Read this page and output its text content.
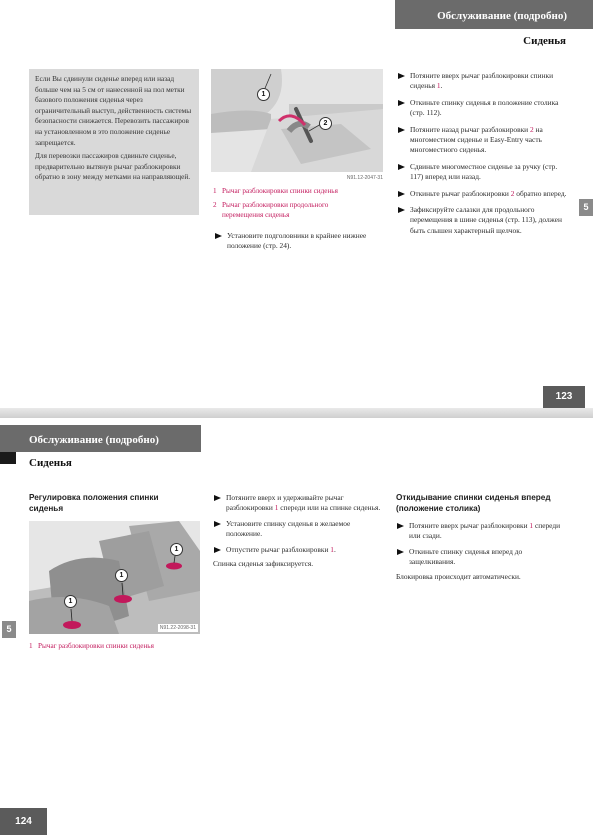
Обслуживание (подробно)
Сиденья

Если Вы сдвинули сиденье вперед или назад больше чем на 5 см от нанесенной на пол метки базового положения сиденья через ограничительный выступ, действенность системы безопасности снижается. Перевозить пассажиров на установленном в это положение сиденье запрещается.

Для перевозки пассажиров сдвиньте сиденье, предварительно вытянув рычаг разблокировки обратно в зону между метками на направляющей.

1
2
N91.12-2047-31
1 Рычаг разблокировки спинки сиденья
2 Рычаг разблокировки продольного перемещения сиденья
Установите подголовники в крайнее нижнее положение (стр. 24).
Потяните вверх рычаг разблокировки спинки сиденья 1.
Откиньте спинку сиденья в положение столика (стр. 112).
Потяните назад рычаг разблокировки 2 на многоместном сиденье и Easy-Entry часть многоместного сиденья.
Сдвиньте многоместное сиденье за ручку (стр. 117) вперед или назад.
Откиньте рычаг разблокировки 2 обратно вперед.
Зафиксируйте салазки для продольного перемещения в шине сиденья (стр. 113), должен быть слышен характерный щелчок.
5
123
Обслуживание (подробно)
Сиденья
Регулировка положения спинки сиденья
1
1
1
N91.22-2098-31
1 Рычаг разблокировки спинки сиденья
5
Потяните вверх и удерживайте рычаг разблокировки 1 спереди или на спинке сиденья.
Установите спинку сиденья в желаемое положение.
Отпустите рычаг разблокировки 1.
Спинка сиденья зафиксируется.
Откидывание спинки сиденья вперед (положение столика)
Потяните вверх рычаг разблокировки 1 спереди или сзади.
Откиньте спинку сиденья вперед до защелкивания.
Блокировка происходит автоматически.
124
